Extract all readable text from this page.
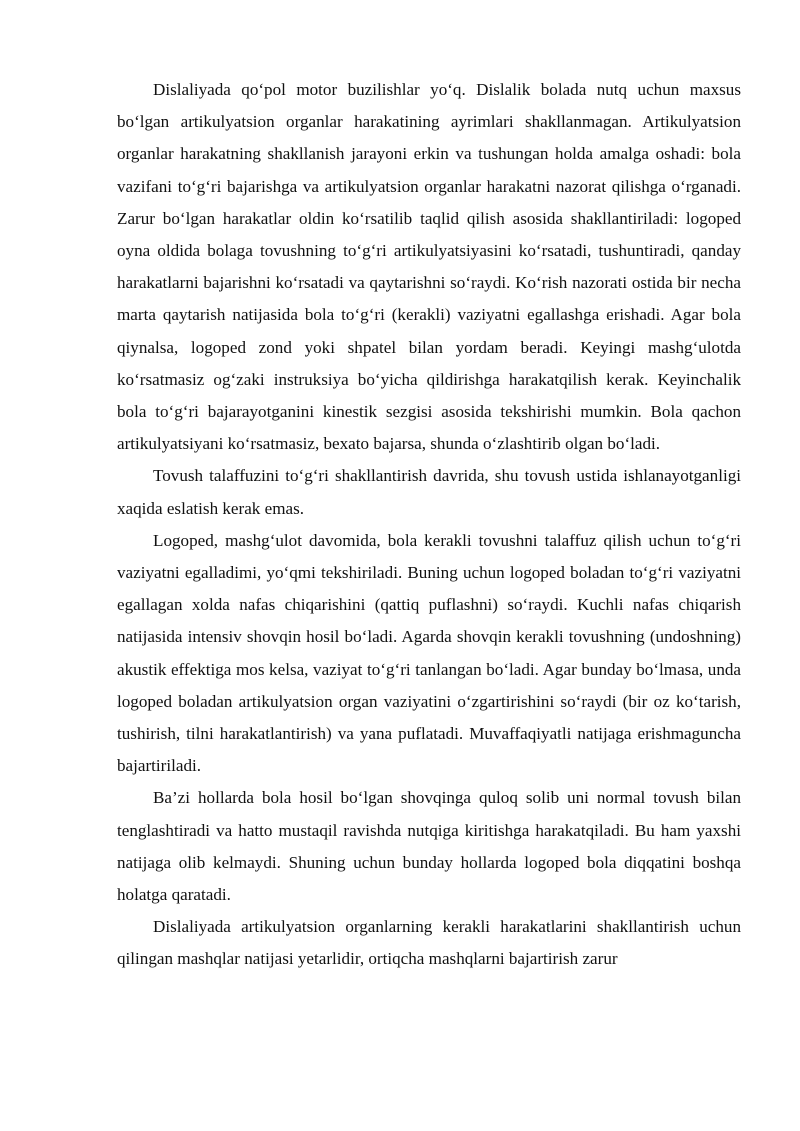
Dislaliyada qoʻpol motor buzilishlar yoʻq. Dislalik bolada nutq uchun maxsus boʻlgan artikulyatsion organlar harakatining ayrimlari shakllanmagan. Artikulyatsion organlar harakatning shakllanish jarayoni erkin va tushungan holda amalga oshadi: bola vazifani toʻgʻri bajarishga va artikulyatsion organlar harakatni nazorat qilishga oʻrganadi. Zarur boʻlgan harakatlar oldin koʻrsatilib taqlid qilish asosida shakllantiriladi: logoped oyna oldida bolaga tovushning toʻgʻri artikulyatsiyasini koʻrsatadi, tushuntiradi, qanday harakatlarni bajarishni koʻrsatadi va qaytarishni soʻraydi. Koʻrish nazorati ostida bir necha marta qaytarish natijasida bola toʻgʻri (kerakli) vaziyatni egallashga erishadi. Agar bola qiynalsa, logoped zond yoki shpatel bilan yordam beradi. Keyingi mashgʻulotda koʻrsatmasiz ogʻzaki instruksiya boʻyicha qildirishga harakatqilish kerak. Keyinchalik bola toʻgʻri bajarayotganini kinestik sezgisi asosida tekshirishi mumkin. Bola qachon artikulyatsiyani koʻrsatmasiz, bexato bajarsa, shunda oʻzlashtirib olgan boʻladi.

Tovush talaffuzini toʻgʻri shakllantirish davrida, shu tovush ustida ishlanayotganligi xaqida eslatish kerak emas.

Logoped, mashgʻulot davomida, bola kerakli tovushni talaffuz qilish uchun toʻgʻri vaziyatni egalladimi, yoʻqmi tekshiriladi. Buning uchun logoped boladan toʻgʻri vaziyatni egallagan xolda nafas chiqarishini (qattiq puflashni) soʻraydi. Kuchli nafas chiqarish natijasida intensiv shovqin hosil boʻladi. Agarda shovqin kerakli tovushning (undoshning) akustik effektiga mos kelsa, vaziyat toʻgʻri tanlangan boʻladi. Agar bunday boʻlmasa, unda logoped boladan artikulyatsion organ vaziyatini oʻzgartirishini soʻraydi (bir oz koʻtarish, tushirish, tilni harakatlantirish) va yana puflatadi. Muvaffaqiyatli natijaga erishmaguncha bajartiriladi.

Ba’zi hollarda bola hosil boʻlgan shovqinga quloq solib uni normal tovush bilan tenglashtiradi va hatto mustaqil ravishda nutqiga kiritishga harakatqiladi. Bu ham yaxshi natijaga olib kelmaydi. Shuning uchun bunday hollarda logoped bola diqqatini boshqa holatga qaratadi.

Dislaliyada artikulyatsion organlarning kerakli harakatlarini shakllantirish uchun qilingan mashqlar natijasi yetarlidir, ortiqcha mashqlarni bajartirish zarur
